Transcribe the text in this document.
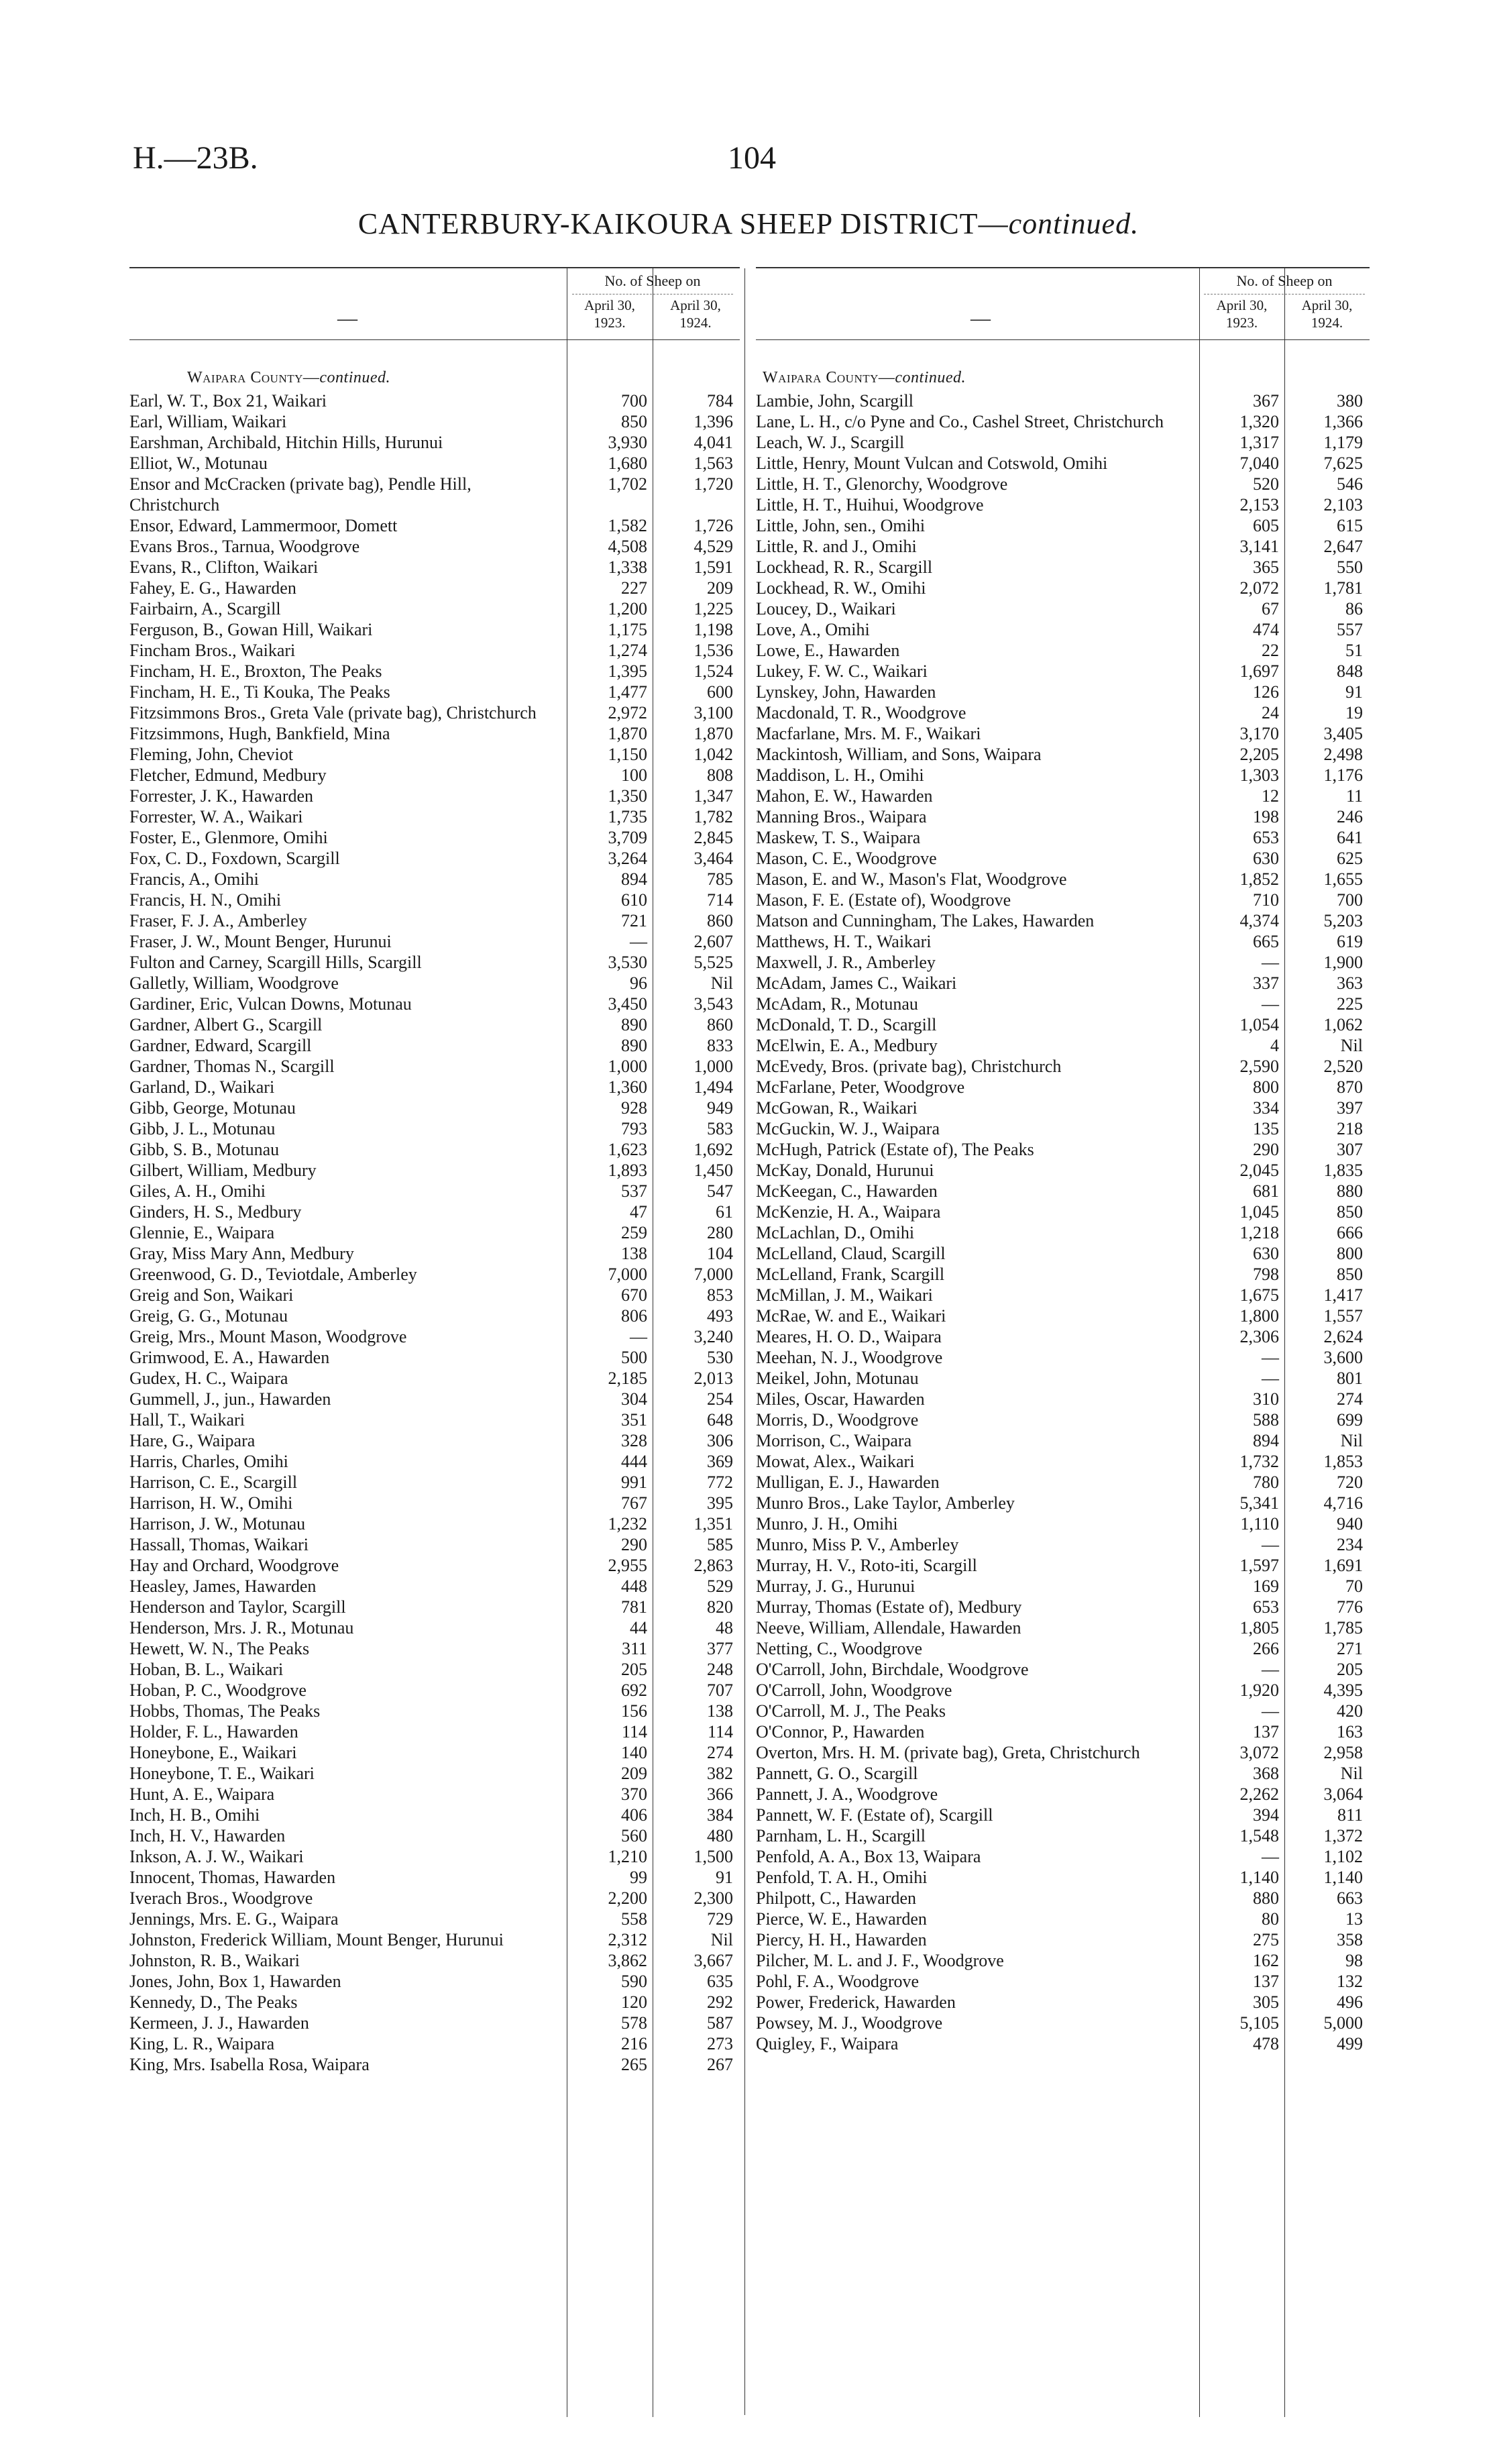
H.—23B.	104
CANTERBURY-KAIKOURA SHEEP DISTRICT—continued.
—
No. of Sheep on
April 30, 1923.
April 30, 1924.
Waipara County—continued.
Earl, W. T., Box 21, Waikari	700	784
Earl, William, Waikari	850	1,396
Earshman, Archibald, Hitchin Hills, Hurunui	3,930	4,041
Elliot, W., Motunau	1,680	1,563
Ensor and McCracken (private bag), Pendle Hill, Christchurch
1,702	1,720
Ensor, Edward, Lammermoor, Domett	1,582	1,726
Evans Bros., Tarnua, Woodgrove	4,508	4,529
Evans, R., Clifton, Waikari	1,338	1,591
Fahey, E. G., Hawarden	227	209
Fairbairn, A., Scargill	1,200	1,225
Ferguson, B., Gowan Hill, Waikari	1,175	1,198
Fincham Bros., Waikari	1,274	1,536
Fincham, H. E., Broxton, The Peaks	1,395	1,524
Fincham, H. E., Ti Kouka, The Peaks	1,477	600
Fitzsimmons Bros., Greta Vale (private bag), Christchurch	2,972	3,100
Fitzsimmons, Hugh, Bankfield, Mina	1,870	1,870
Fleming, John, Cheviot	1,150	1,042
Fletcher, Edmund, Medbury	100	808
Forrester, J. K., Hawarden	1,350	1,347
Forrester, W. A., Waikari	1,735	1,782
Foster, E., Glenmore, Omihi	3,709	2,845
Fox, C. D., Foxdown, Scargill	3,264	3,464
Francis, A., Omihi	894	785
Francis, H. N., Omihi	610	714
Fraser, F. J. A., Amberley	721	860
Fraser, J. W., Mount Benger, Hurunui	—	2,607
Fulton and Carney, Scargill Hills, Scargill	3,530	5,525
Galletly, William, Woodgrove	96	Nil
Gardiner, Eric, Vulcan Downs, Motunau	3,450	3,543
Gardner, Albert G., Scargill	890	860
Gardner, Edward, Scargill	890	833
Gardner, Thomas N., Scargill	1,000	1,000
Garland, D., Waikari	1,360	1,494
Gibb, George, Motunau	928	949
Gibb, J. L., Motunau	793	583
Gibb, S. B., Motunau	1,623	1,692
Gilbert, William, Medbury	1,893	1,450
Giles, A. H., Omihi	537	547
Ginders, H. S., Medbury	47	61
Glennie, E., Waipara	259	280
Gray, Miss Mary Ann, Medbury	138	104
Greenwood, G. D., Teviotdale, Amberley	7,000	7,000
Greig and Son, Waikari	670	853
Greig, G. G., Motunau	806	493
Greig, Mrs., Mount Mason, Woodgrove	—	3,240
Grimwood, E. A., Hawarden	500	530
Gudex, H. C., Waipara	2,185	2,013
Gummell, J., jun., Hawarden	304	254
Hall, T., Waikari	351	648
Hare, G., Waipara	328	306
Harris, Charles, Omihi	444	369
Harrison, C. E., Scargill	991	772
Harrison, H. W., Omihi	767	395
Harrison, J. W., Motunau	1,232	1,351
Hassall, Thomas, Waikari	290	585
Hay and Orchard, Woodgrove	2,955	2,863
Heasley, James, Hawarden	448	529
Henderson and Taylor, Scargill	781	820
Henderson, Mrs. J. R., Motunau	44	48
Hewett, W. N., The Peaks	311	377
Hoban, B. L., Waikari	205	248
Hoban, P. C., Woodgrove	692	707
Hobbs, Thomas, The Peaks	156	138
Holder, F. L., Hawarden	114	114
Honeybone, E., Waikari	140	274
Honeybone, T. E., Waikari	209	382
Hunt, A. E., Waipara	370	366
Inch, H. B., Omihi	406	384
Inch, H. V., Hawarden	560	480
Inkson, A. J. W., Waikari	1,210	1,500
Innocent, Thomas, Hawarden	99	91
Iverach Bros., Woodgrove	2,200	2,300
Jennings, Mrs. E. G., Waipara	558	729
Johnston, Frederick William, Mount Benger, Hurunui	2,312	Nil
Johnston, R. B., Waikari	3,862	3,667
Jones, John, Box 1, Hawarden	590	635
Kennedy, D., The Peaks	120	292
Kermeen, J. J., Hawarden	578	587
King, L. R., Waipara	216	273
King, Mrs. Isabella Rosa, Waipara	265	267
—
No. of Sheep on
April 30, 1923.
April 30, 1924.
Waipara County—continued.
Lambie, John, Scargill	367	380
Lane, L. H., c/o Pyne and Co., Cashel Street, Christchurch	1,320	1,366
Leach, W. J., Scargill	1,317	1,179
Little, Henry, Mount Vulcan and Cotswold, Omihi	7,040	7,625
Little, H. T., Glenorchy, Woodgrove	520	546
Little, H. T., Huihui, Woodgrove	2,153	2,103
Little, John, sen., Omihi	605	615
Little, R. and J., Omihi	3,141	2,647
Lockhead, R. R., Scargill	365	550
Lockhead, R. W., Omihi	2,072	1,781
Loucey, D., Waikari	67	86
Love, A., Omihi	474	557
Lowe, E., Hawarden	22	51
Lukey, F. W. C., Waikari	1,697	848
Lynskey, John, Hawarden	126	91
Macdonald, T. R., Woodgrove	24	19
Macfarlane, Mrs. M. F., Waikari	3,170	3,405
Mackintosh, William, and Sons, Waipara	2,205	2,498
Maddison, L. H., Omihi	1,303	1,176
Mahon, E. W., Hawarden	12	11
Manning Bros., Waipara	198	246
Maskew, T. S., Waipara	653	641
Mason, C. E., Woodgrove	630	625
Mason, E. and W., Mason's Flat, Woodgrove	1,852	1,655
Mason, F. E. (Estate of), Woodgrove	710	700
Matson and Cunningham, The Lakes, Hawarden	4,374	5,203
Matthews, H. T., Waikari	665	619
Maxwell, J. R., Amberley	—	1,900
McAdam, James C., Waikari	337	363
McAdam, R., Motunau	—	225
McDonald, T. D., Scargill	1,054	1,062
McElwin, E. A., Medbury	4	Nil
McEvedy, Bros. (private bag), Christchurch	2,590	2,520
McFarlane, Peter, Woodgrove	800	870
McGowan, R., Waikari	334	397
McGuckin, W. J., Waipara	135	218
McHugh, Patrick (Estate of), The Peaks	290	307
McKay, Donald, Hurunui	2,045	1,835
McKeegan, C., Hawarden	681	880
McKenzie, H. A., Waipara	1,045	850
McLachlan, D., Omihi	1,218	666
McLelland, Claud, Scargill	630	800
McLelland, Frank, Scargill	798	850
McMillan, J. M., Waikari	1,675	1,417
McRae, W. and E., Waikari	1,800	1,557
Meares, H. O. D., Waipara	2,306	2,624
Meehan, N. J., Woodgrove	—	3,600
Meikel, John, Motunau	—	801
Miles, Oscar, Hawarden	310	274
Morris, D., Woodgrove	588	699
Morrison, C., Waipara	894	Nil
Mowat, Alex., Waikari	1,732	1,853
Mulligan, E. J., Hawarden	780	720
Munro Bros., Lake Taylor, Amberley	5,341	4,716
Munro, J. H., Omihi	1,110	940
Munro, Miss P. V., Amberley	—	234
Murray, H. V., Roto-iti, Scargill	1,597	1,691
Murray, J. G., Hurunui	169	70
Murray, Thomas (Estate of), Medbury	653	776
Neeve, William, Allendale, Hawarden	1,805	1,785
Netting, C., Woodgrove	266	271
O'Carroll, John, Birchdale, Woodgrove	—	205
O'Carroll, John, Woodgrove	1,920	4,395
O'Carroll, M. J., The Peaks	—	420
O'Connor, P., Hawarden	137	163
Overton, Mrs. H. M. (private bag), Greta, Christchurch	3,072	2,958
Pannett, G. O., Scargill	368	Nil
Pannett, J. A., Woodgrove	2,262	3,064
Pannett, W. F. (Estate of), Scargill	394	811
Parnham, L. H., Scargill	1,548	1,372
Penfold, A. A., Box 13, Waipara	—	1,102
Penfold, T. A. H., Omihi	1,140	1,140
Philpott, C., Hawarden	880	663
Pierce, W. E., Hawarden	80	13
Piercy, H. H., Hawarden	275	358
Pilcher, M. L. and J. F., Woodgrove	162	98
Pohl, F. A., Woodgrove	137	132
Power, Frederick, Hawarden	305	496
Powsey, M. J., Woodgrove	5,105	5,000
Quigley, F., Waipara	478	499
